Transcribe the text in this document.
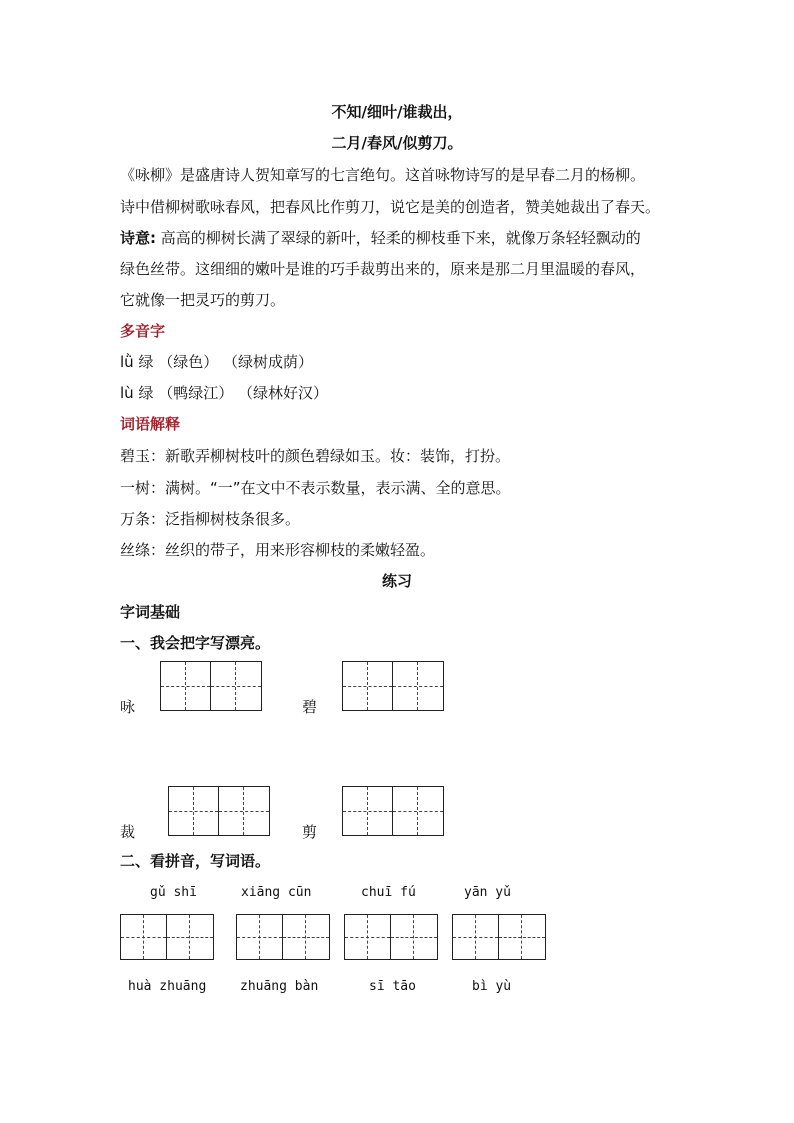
不知/细叶/谁裁出，
二月/春风/似剪刀。
《咏柳》是盛唐诗人贺知章写的七言绝句。这首咏物诗写的是早春二月的杨柳。
诗中借柳树歌咏春风，把春风比作剪刀，说它是美的创造者，赞美她裁出了春天。
诗意: 高高的柳树长满了翠绿的新叶，轻柔的柳枝垂下来，就像万条轻轻飘动的
绿色丝带。这细细的嫩叶是谁的巧手裁剪出来的，原来是那二月里温暖的春风，
它就像一把灵巧的剪刀。
多音字
lǜ 绿 （绿色） （绿树成荫）
lù 绿 （鸭绿江） （绿林好汉）
词语解释
碧玉：新歌弄柳树枝叶的颜色碧绿如玉。妆：装饰，打扮。
一树：满树。“一”在文中不表示数量，表示满、全的意思。
万条：泛指柳树枝条很多。
丝绦：丝织的带子，用来形容柳枝的柔嫩轻盈。
练习
字词基础
一、我会把字写漂亮。
咏	碧
裁	剪
二、看拼音，写词语。
gǔ shī	xiāng cūn	chuī fú	yān yǔ
huà zhuāng	zhuāng bàn	sī tāo	bì yù
